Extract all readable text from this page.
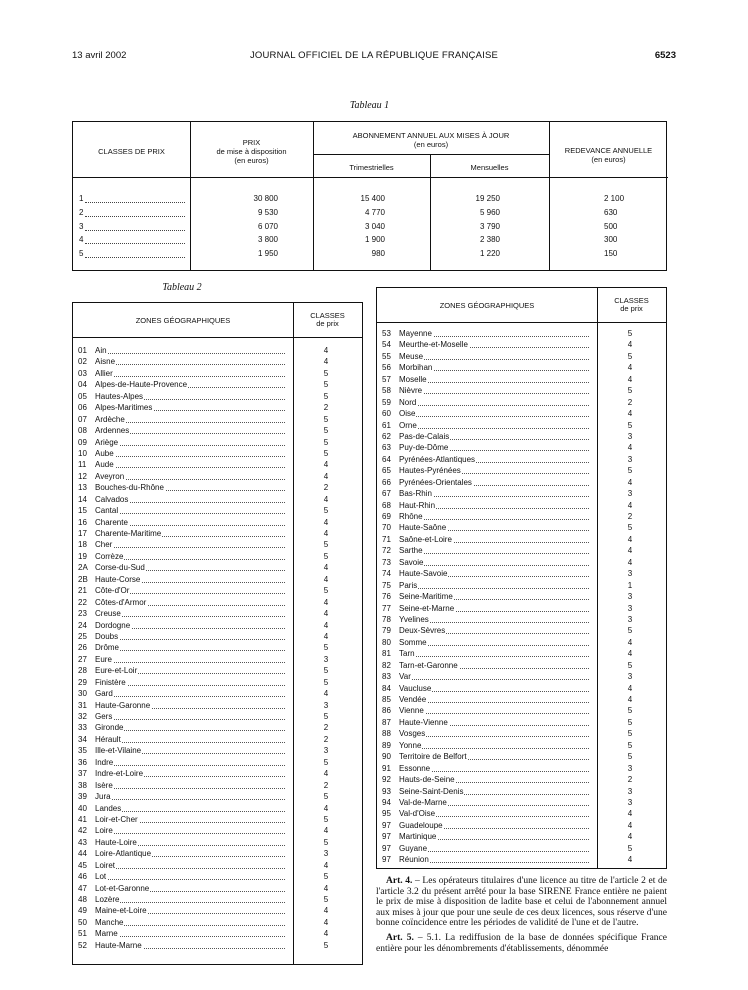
13 avril 2002	JOURNAL OFFICIEL DE LA RÉPUBLIQUE FRANÇAISE	6523
Tableau 1
CLASSES DE PRIX
PRIX
de mise à disposition
(en euros)
ABONNEMENT ANNUEL AUX MISES À JOUR
(en euros)
Trimestrielles	Mensuelles
REDEVANCE ANNUELLE
(en euros)
1	30 800	15 400	19 250	2 100
2	9 530	4 770	5 960	630
3	6 070	3 040	3 790	500
4	3 800	1 900	2 380	300
5	1 950	980	1 220	150
Tableau 2
ZONES GÉOGRAPHIQUES	CLASSES
de prix
01	Ain	4
02	Aisne	4
03	Allier	5
04	Alpes-de-Haute-Provence	5
05	Hautes-Alpes	5
06	Alpes-Maritimes	2
07	Ardèche	5
08	Ardennes	5
09	Ariège	5
10	Aube	5
11	Aude	4
12	Aveyron	4
13	Bouches-du-Rhône	2
14	Calvados	4
15	Cantal	5
16	Charente	4
17	Charente-Maritime	4
18	Cher	5
19	Corrèze	5
2A Corse-du-Sud	4
2B Haute-Corse	4
21	Côte-d'Or	5
22	Côtes-d'Armor	4
23	Creuse	4
24	Dordogne	4
25	Doubs	4
26	Drôme	5
27	Eure	3
28	Eure-et-Loir	5
29	Finistère	5
30	Gard	4
31	Haute-Garonne	3
32	Gers	5
33	Gironde	2
34	Hérault	2
35	Ille-et-Vilaine	3
36	Indre	5
37	Indre-et-Loire	4
38	Isère	2
39	Jura	5
40	Landes	4
41	Loir-et-Cher	5
42	Loire	4
43	Haute-Loire	5
44	Loire-Atlantique	3
45	Loiret	4
46	Lot	5
47	Lot-et-Garonne	4
48	Lozère	5
49	Maine-et-Loire	4
50	Manche	4
51	Marne	4
52	Haute-Marne	5
ZONES GÉOGRAPHIQUES	CLASSES
de prix
53	Mayenne	5
54	Meurthe-et-Moselle	4
55	Meuse	5
56	Morbihan	4
57	Moselle	4
58	Nièvre	5
59	Nord	2
60	Oise	4
61	Orne	5
62	Pas-de-Calais	3
63	Puy-de-Dôme	4
64	Pyrénées-Atlantiques	3
65	Hautes-Pyrénées	5
66	Pyrénées-Orientales	4
67	Bas-Rhin	3
68	Haut-Rhin	4
69	Rhône	2
70	Haute-Saône	5
71	Saône-et-Loire	4
72	Sarthe	4
73	Savoie	4
74	Haute-Savoie	3
75	Paris	1
76	Seine-Maritime	3
77	Seine-et-Marne	3
78	Yvelines	3
79	Deux-Sèvres	5
80	Somme	4
81	Tarn	4
82	Tarn-et-Garonne	5
83	Var	3
84	Vaucluse	4
85	Vendée	4
86	Vienne	5
87	Haute-Vienne	5
88	Vosges	5
89	Yonne	5
90	Territoire de Belfort	5
91	Essonne	3
92	Hauts-de-Seine	2
93	Seine-Saint-Denis	3
94	Val-de-Marne	3
95	Val-d'Oise	4
97	Guadeloupe	4
97	Martinique	4
97	Guyane	5
97	Réunion	4

Art. 4. – Les opérateurs titulaires d'une licence au titre de l'article 2 et de l'article 3.2 du présent arrêté pour la base SIRENE France entière ne paient le prix de mise à disposition de ladite base et celui de l'abonnement annuel aux mises à jour que pour une seule de ces deux licences, sous réserve d'une bonne coïncidence entre les périodes de validité de l'une et de l'autre.

Art. 5. – 5.1. La rediffusion de la base de données spécifique France entière pour les dénombrements d'établissements, dénommée
